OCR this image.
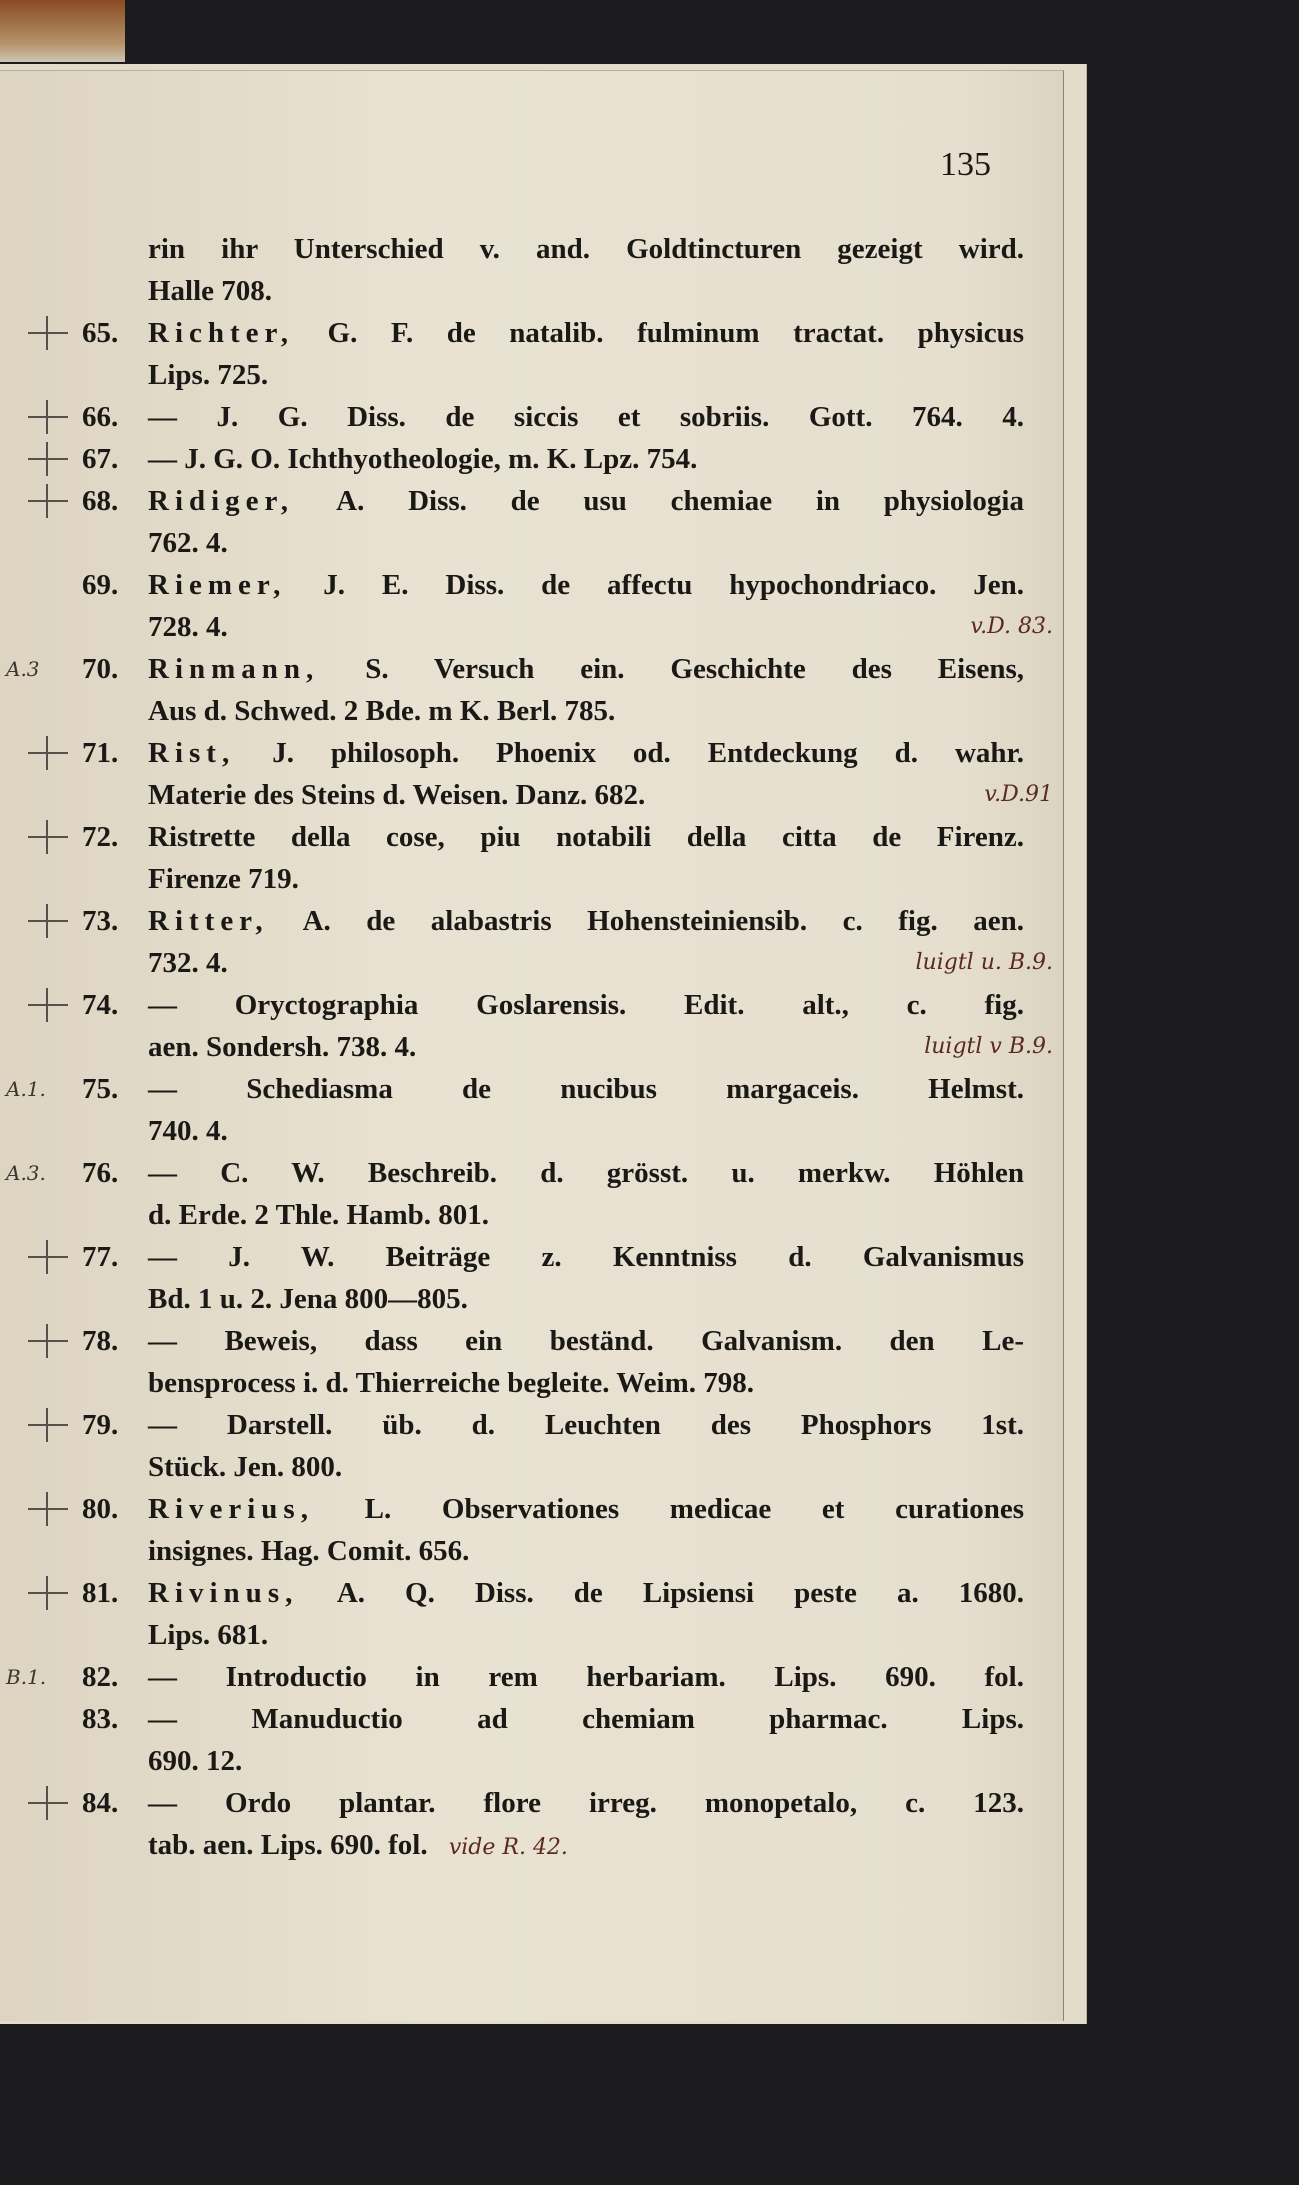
135
rin ihr Unterschied v. and. Goldtincturen gezeigt wird.
Halle 708.
65.	Richter, G. F. de natalib. fulminum tractat. physicus
Lips. 725.
66.	— J. G. Diss. de siccis et sobriis. Gott. 764. 4.
67.	— J. G. O. Ichthyotheologie, m. K. Lpz. 754.
68.	Ridiger, A. Diss. de usu chemiae in physiologia
762. 4.
69.	Riemer, J. E. Diss. de affectu hypochondriaco. Jen.
728. 4.	v.D. 83.
A.3 70.	Rinmann, S. Versuch ein. Geschichte des Eisens,
Aus d. Schwed. 2 Bde. m K. Berl. 785.
71.	Rist, J. philosoph. Phoenix od. Entdeckung d. wahr.
Materie des Steins d. Weisen. Danz. 682.	v.D.91
72.	Ristrette della cose, piu notabili della citta de Firenz.
Firenze 719.
73.	Ritter, A. de alabastris Hohensteiniensib. c. fig. aen.
732. 4.	luigtl u. B.9.
74.	— Oryctographia Goslarensis. Edit. alt., c. fig.
aen. Sondersh. 738. 4.	luigtl v B.9.
A.1. 75.	— Schediasma de nucibus margaceis. Helmst.
740. 4.
A.3. 76.	— C. W. Beschreib. d. grösst. u. merkw. Höhlen
d. Erde. 2 Thle. Hamb. 801.
77.	— J. W. Beiträge z. Kenntniss d. Galvanismus
Bd. 1 u. 2. Jena 800—805.
78.	— Beweis, dass ein beständ. Galvanism. den Le-
bensprocess i. d. Thierreiche begleite. Weim. 798.
79.	— Darstell. üb. d. Leuchten des Phosphors 1st.
Stück. Jen. 800.
80.	Riverius, L. Observationes medicae et curationes
insignes. Hag. Comit. 656.
81.	Rivinus, A. Q. Diss. de Lipsiensi peste a. 1680.
Lips. 681.
B.1. 82.	— Introductio in rem herbariam. Lips. 690. fol.
83.	— Manuductio ad chemiam pharmac. Lips.
690. 12.
84.	— Ordo plantar. flore irreg. monopetalo, c. 123.
tab. aen. Lips. 690. fol. vide R. 42.
